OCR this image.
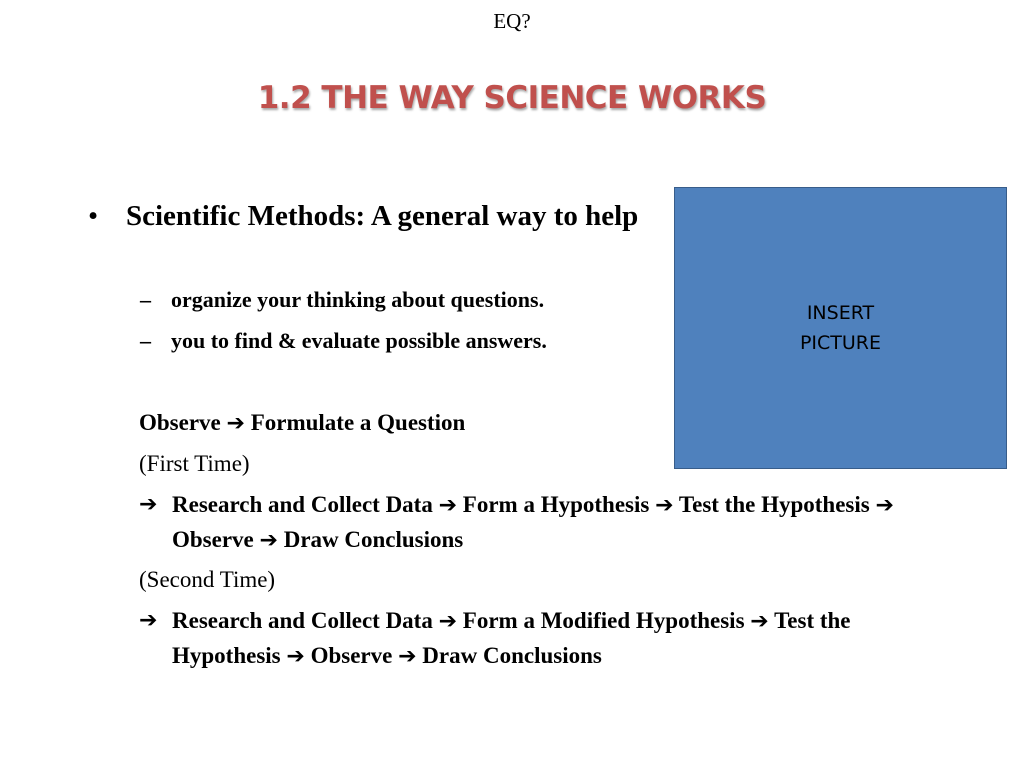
EQ?
1.2 THE WAY SCIENCE WORKS
INSERT
PICTURE
• Scientific Methods: A general way to help
– organize your thinking about questions.
– you to find & evaluate possible answers.
Observe ➔ Formulate a Question
(First Time)
➔ Research and Collect Data ➔ Form a Hypothesis ➔ Test the Hypothesis ➔ Observe ➔ Draw Conclusions
(Second Time)
➔ Research and Collect Data ➔ Form a Modified Hypothesis ➔ Test the Hypothesis ➔ Observe ➔ Draw Conclusions
